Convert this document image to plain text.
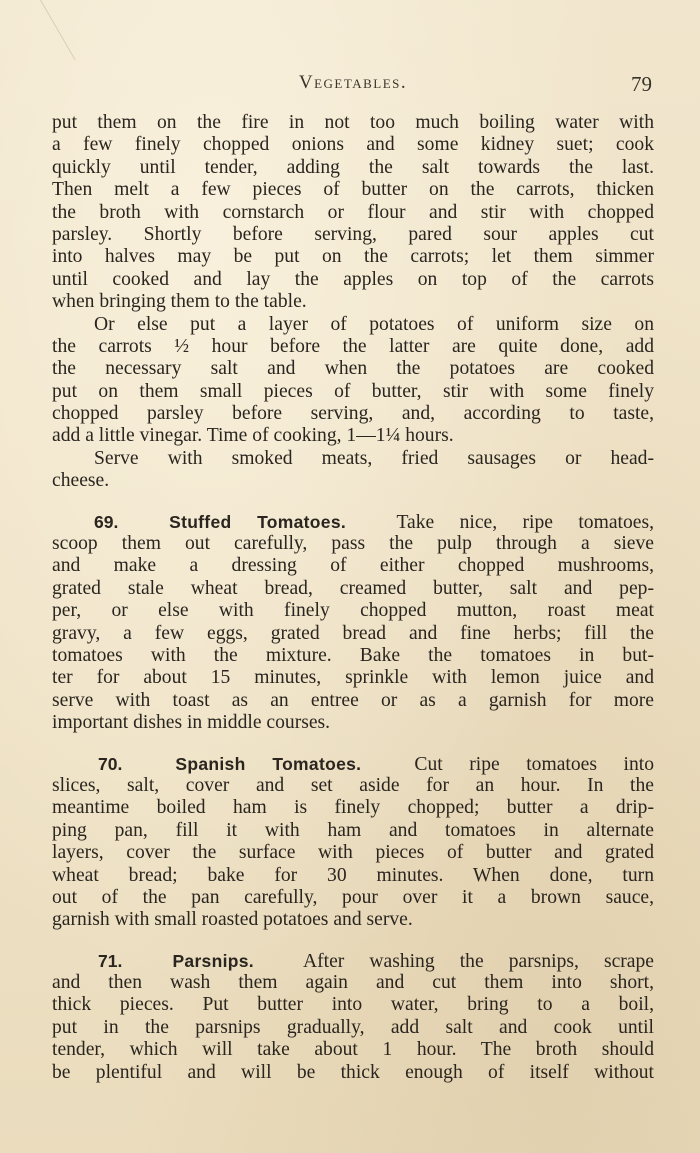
Vegetables.	79
put them on the fire in not too much boiling water with
a few finely chopped onions and some kidney suet; cook
quickly until tender, adding the salt towards the last.
Then melt a few pieces of butter on the carrots, thicken
the broth with cornstarch or flour and stir with chopped
parsley. Shortly before serving, pared sour apples cut
into halves may be put on the carrots; let them simmer
until cooked and lay the apples on top of the carrots
when bringing them to the table.
Or else put a layer of potatoes of uniform size on
the carrots ½ hour before the latter are quite done, add
the necessary salt and when the potatoes are cooked
put on them small pieces of butter, stir with some finely
chopped parsley before serving, and, according to taste,
add a little vinegar. Time of cooking, 1—1¼ hours.
Serve with smoked meats, fried sausages or head-
cheese.
69.	Stuffed Tomatoes.	Take nice, ripe tomatoes,
scoop them out carefully, pass the pulp through a sieve
and make a dressing of either chopped mushrooms,
grated stale wheat bread, creamed butter, salt and pep-
per, or else with finely chopped mutton, roast meat
gravy, a few eggs, grated bread and fine herbs; fill the
tomatoes with the mixture. Bake the tomatoes in but-
ter for about 15 minutes, sprinkle with lemon juice and
serve with toast as an entree or as a garnish for more
important dishes in middle courses.
70.	Spanish Tomatoes.	Cut ripe tomatoes into
slices, salt, cover and set aside for an hour. In the
meantime boiled ham is finely chopped; butter a drip-
ping pan, fill it with ham and tomatoes in alternate
layers, cover the surface with pieces of butter and grated
wheat bread; bake for 30 minutes. When done, turn
out of the pan carefully, pour over it a brown sauce,
garnish with small roasted potatoes and serve.
71.	Parsnips.	After washing the parsnips, scrape
and then wash them again and cut them into short,
thick pieces. Put butter into water, bring to a boil,
put in the parsnips gradually, add salt and cook until
tender, which will take about 1 hour. The broth should
be plentiful and will be thick enough of itself without
